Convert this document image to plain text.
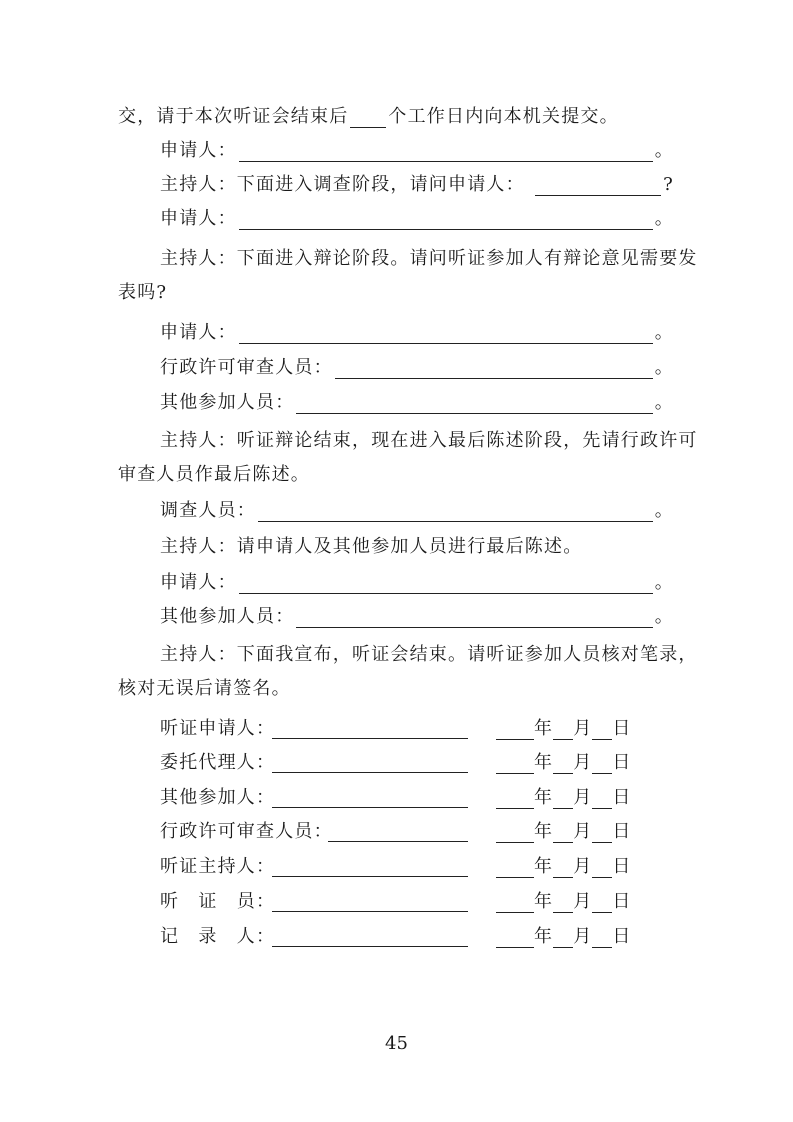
交，请于本次听证会结束后 个工作日内向本机关提交。
申请人：	。
主持人：下面进入调查阶段，请问申请人：	?
申请人：	。
主持人：下面进入辩论阶段。请问听证参加人有辩论意见需要发
表吗?
申请人：	。
行政许可审查人员：	。
其他参加人员：	。
主持人：听证辩论结束，现在进入最后陈述阶段，先请行政许可
审查人员作最后陈述。
调查人员：	。
主持人：请申请人及其他参加人员进行最后陈述。
申请人：	。
其他参加人员：	。
主持人：下面我宣布，听证会结束。请听证参加人员核对笔录，
核对无误后请签名。
听证申请人：	年 月 日
委托代理人：	年 月 日
其他参加人：	年 月 日
行政许可审查人员：	年 月 日
听证主持人：	年 月 日
听　证　员：	年 月 日
记　录　人：	年 月 日
45
